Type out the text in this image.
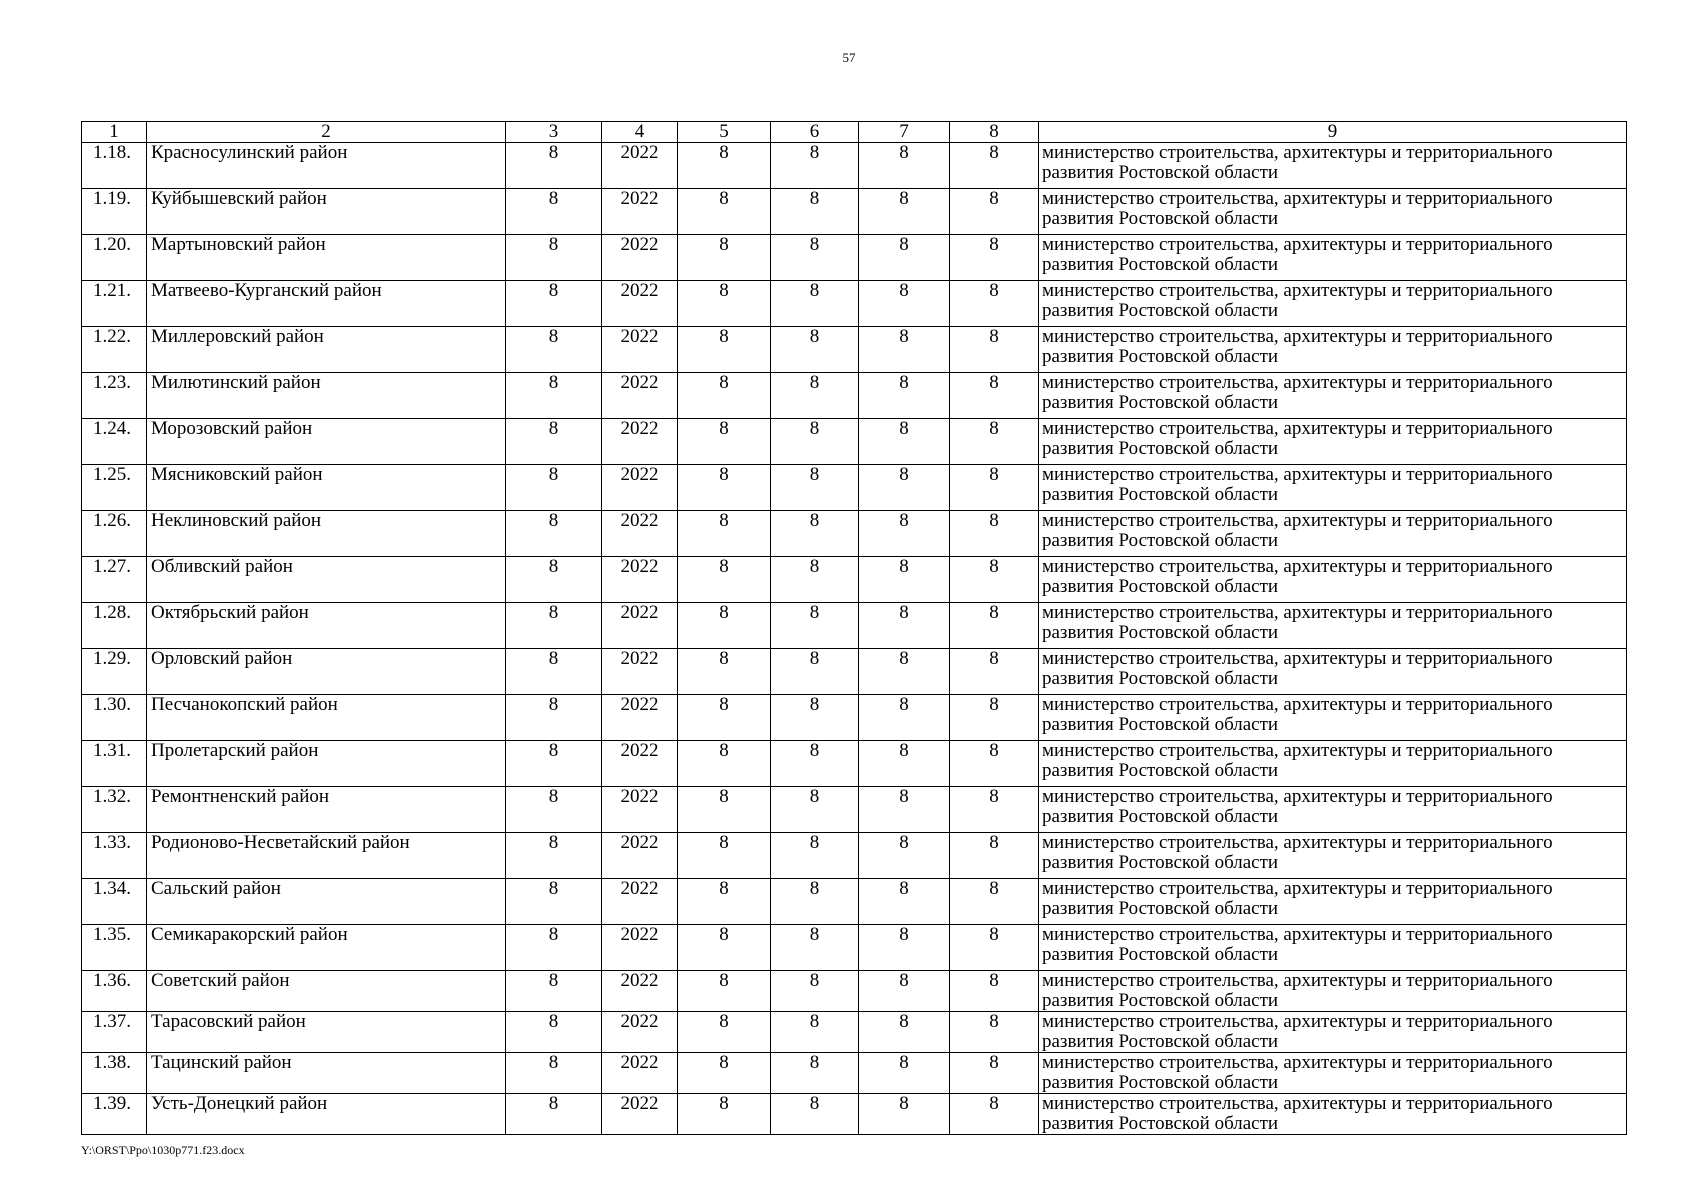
57
1	2	3	4	5	6	7	8	9
1.18.	Красносулинский район	8	2022	8	8	8	8	министерство строительства, архитектуры и территориального развития Ростовской области
1.19.	Куйбышевский район	8	2022	8	8	8	8	министерство строительства, архитектуры и территориального развития Ростовской области
1.20.	Мартыновский район	8	2022	8	8	8	8	министерство строительства, архитектуры и территориального развития Ростовской области
1.21.	Матвеево-Курганский район	8	2022	8	8	8	8	министерство строительства, архитектуры и территориального развития Ростовской области
1.22.	Миллеровский район	8	2022	8	8	8	8	министерство строительства, архитектуры и территориального развития Ростовской области
1.23.	Милютинский район	8	2022	8	8	8	8	министерство строительства, архитектуры и территориального развития Ростовской области
1.24.	Морозовский район	8	2022	8	8	8	8	министерство строительства, архитектуры и территориального развития Ростовской области
1.25.	Мясниковский район	8	2022	8	8	8	8	министерство строительства, архитектуры и территориального развития Ростовской области
1.26.	Неклиновский район	8	2022	8	8	8	8	министерство строительства, архитектуры и территориального развития Ростовской области
1.27.	Обливский район	8	2022	8	8	8	8	министерство строительства, архитектуры и территориального развития Ростовской области
1.28.	Октябрьский район	8	2022	8	8	8	8	министерство строительства, архитектуры и территориального развития Ростовской области
1.29.	Орловский район	8	2022	8	8	8	8	министерство строительства, архитектуры и территориального развития Ростовской области
1.30.	Песчанокопский район	8	2022	8	8	8	8	министерство строительства, архитектуры и территориального развития Ростовской области
1.31.	Пролетарский район	8	2022	8	8	8	8	министерство строительства, архитектуры и территориального развития Ростовской области
1.32.	Ремонтненский район	8	2022	8	8	8	8	министерство строительства, архитектуры и территориального развития Ростовской области
1.33.	Родионово-Несветайский район	8	2022	8	8	8	8	министерство строительства, архитектуры и территориального развития Ростовской области
1.34.	Сальский район	8	2022	8	8	8	8	министерство строительства, архитектуры и территориального развития Ростовской области
1.35.	Семикаракорский район	8	2022	8	8	8	8	министерство строительства, архитектуры и территориального развития Ростовской области
1.36.	Советский район	8	2022	8	8	8	8	министерство строительства, архитектуры и территориального развития Ростовской области
1.37.	Тарасовский район	8	2022	8	8	8	8	министерство строительства, архитектуры и территориального развития Ростовской области
1.38.	Тацинский район	8	2022	8	8	8	8	министерство строительства, архитектуры и территориального развития Ростовской области
1.39.	Усть-Донецкий район	8	2022	8	8	8	8	министерство строительства, архитектуры и территориального развития Ростовской области
Y:\ORST\Ppo\1030p771.f23.docx
